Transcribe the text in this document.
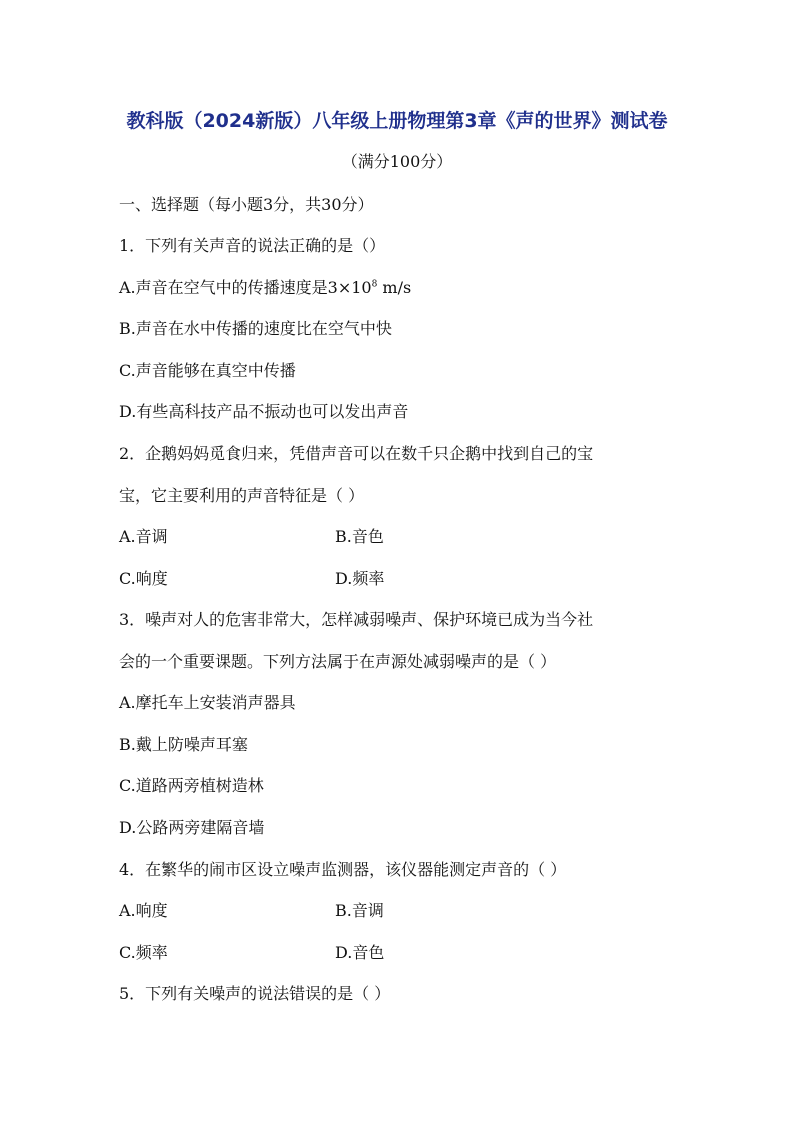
教科版（2024新版）八年级上册物理第3章《声的世界》测试卷
（满分100分）
一、选择题（每小题3分，共30分）
1．下列有关声音的说法正确的是（）
A.声音在空气中的传播速度是$3\times 10^8$ m/s
B.声音在水中传播的速度比在空气中快
C.声音能够在真空中传播
D.有些高科技产品不振动也可以发出声音
2．企鹅妈妈觅食归来，凭借声音可以在数千只企鹅中找到自己的宝
宝，它主要利用的声音特征是（ ）
A.音调	B.音色
C.响度	D.频率
3．噪声对人的危害非常大，怎样减弱噪声、保护环境已成为当今社
会的一个重要课题。下列方法属于在声源处减弱噪声的是（ ）
A.摩托车上安装消声器具
B.戴上防噪声耳塞
C.道路两旁植树造林
D.公路两旁建隔音墙
4．在繁华的闹市区设立噪声监测器，该仪器能测定声音的（ ）
A.响度	B.音调
C.频率	D.音色
5．下列有关噪声的说法错误的是（ ）
